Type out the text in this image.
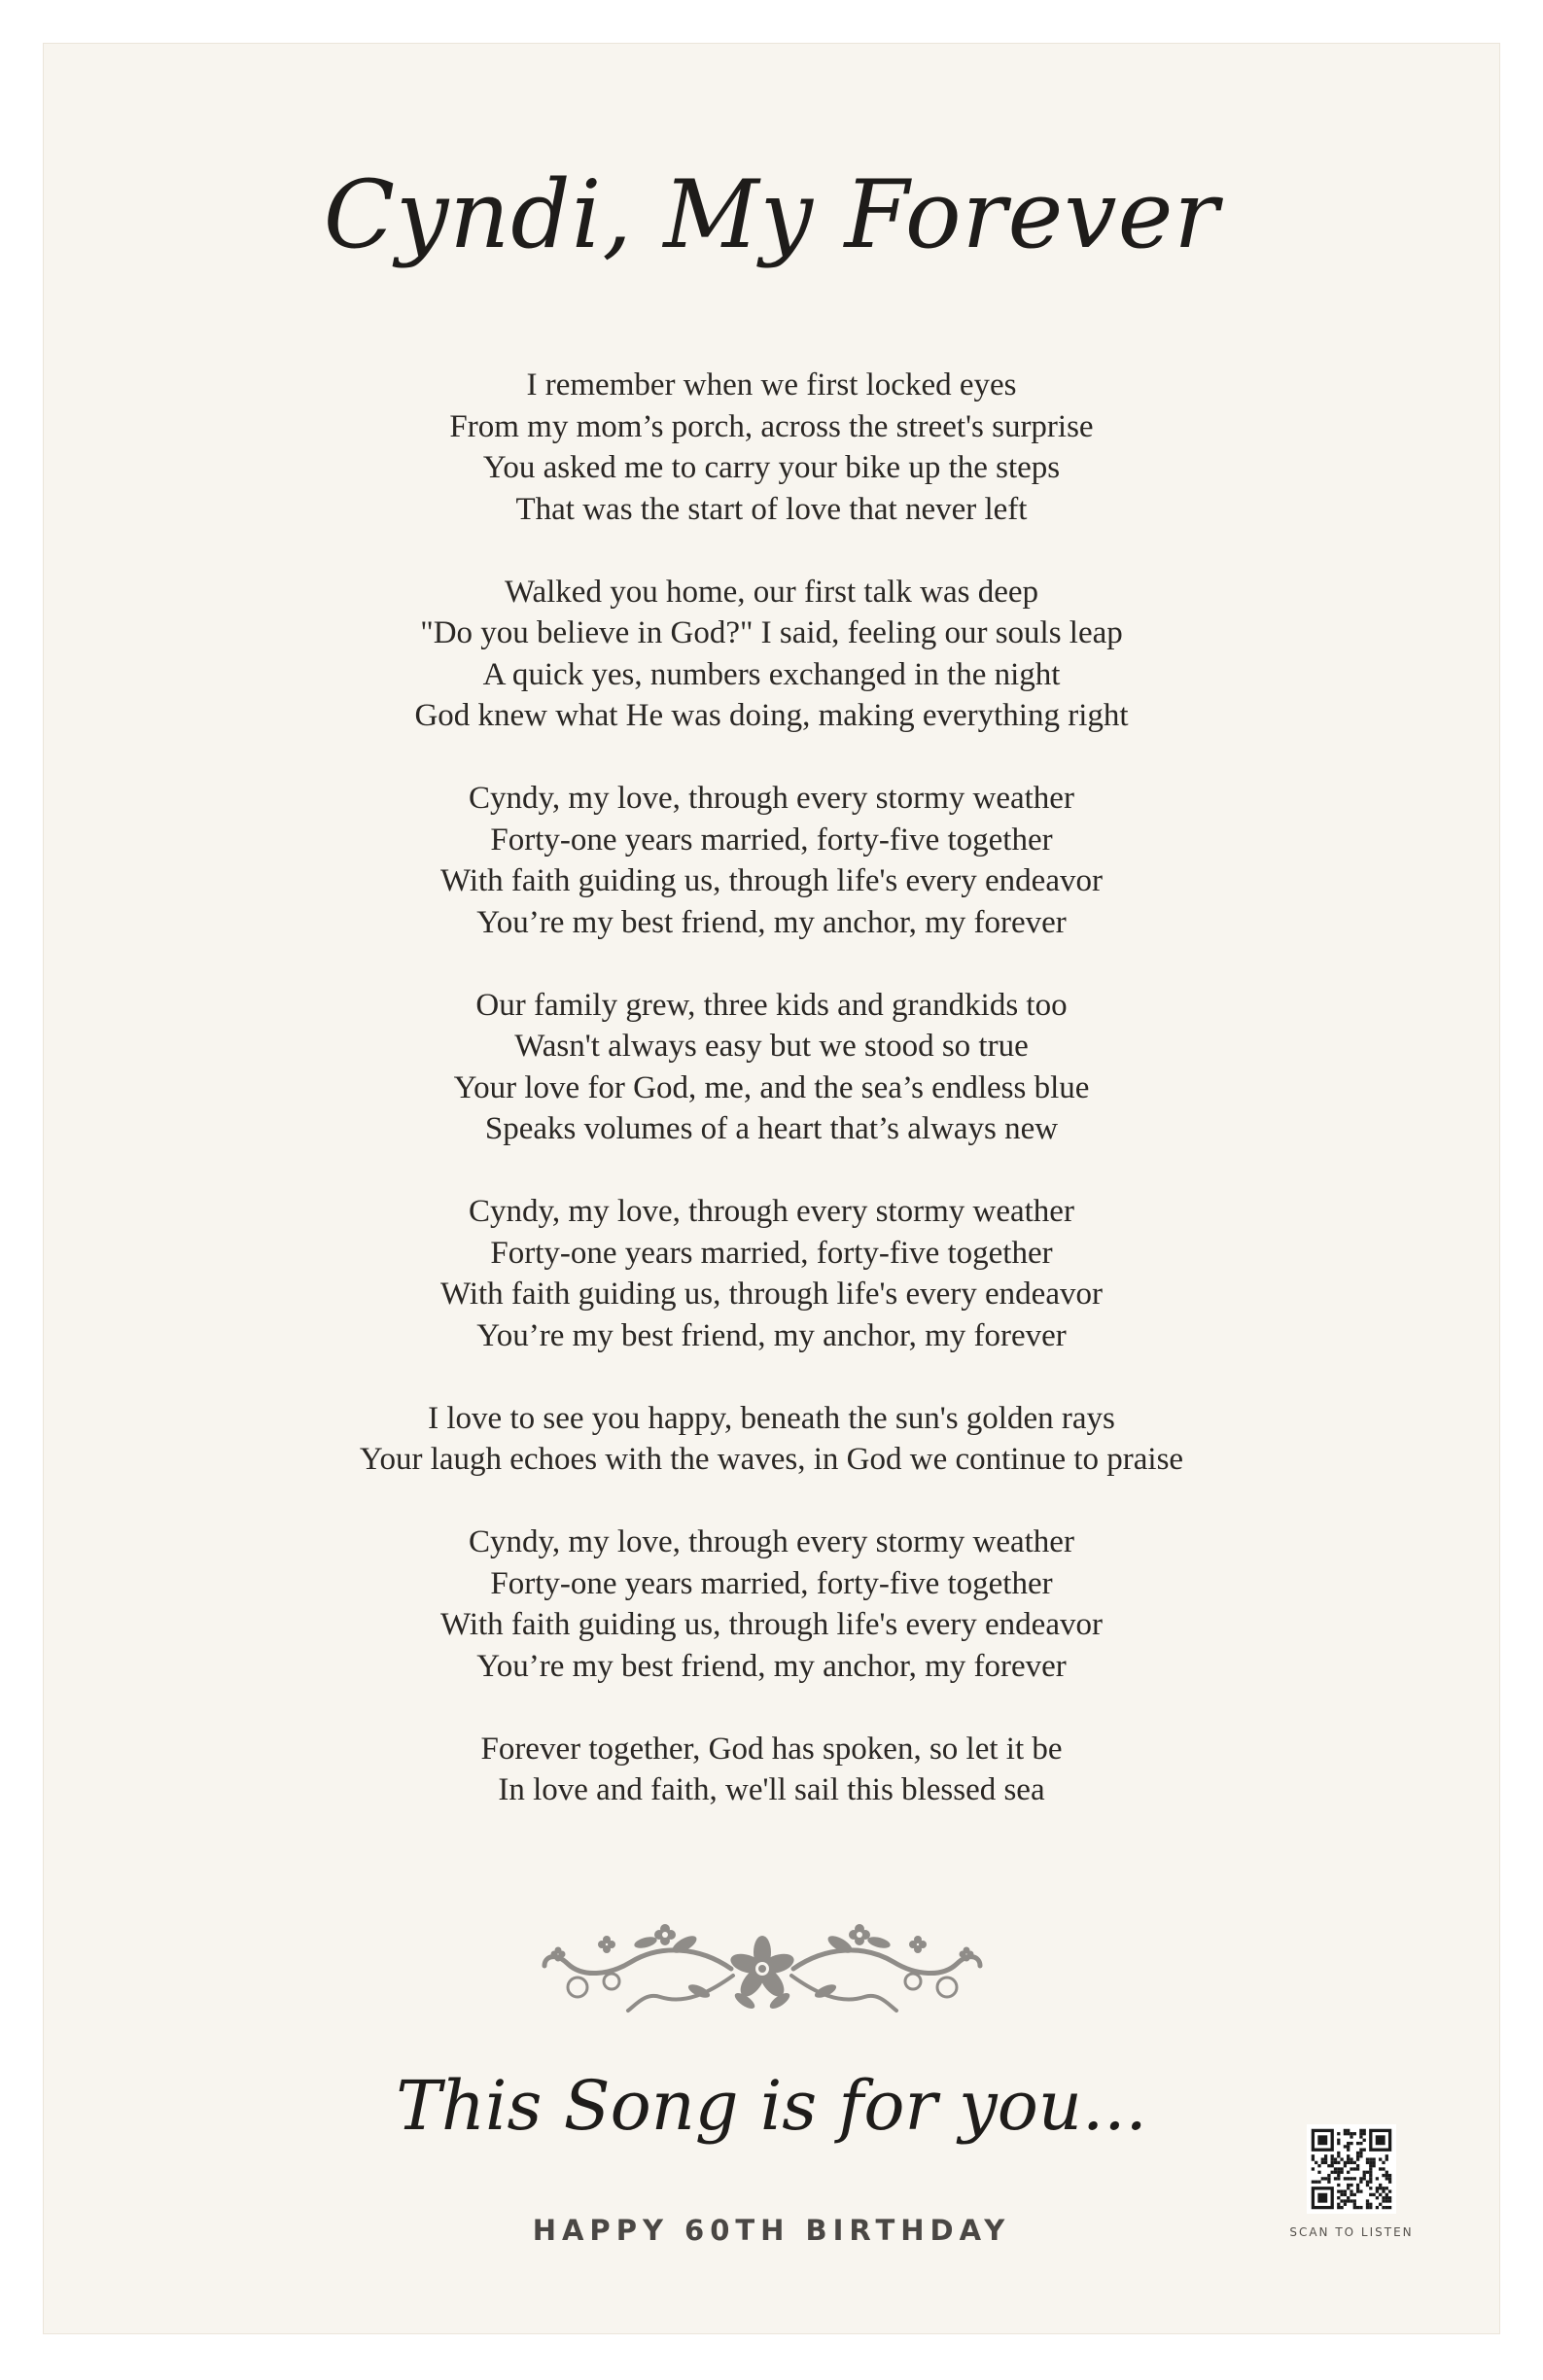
Cyndi, My Forever
I remember when we first locked eyes
From my mom’s porch, across the street's surprise
You asked me to carry your bike up the steps
That was the start of love that never left
Walked you home, our first talk was deep
"Do you believe in God?" I said, feeling our souls leap
A quick yes, numbers exchanged in the night
God knew what He was doing, making everything right
Cyndy, my love, through every stormy weather
Forty-one years married, forty-five together
With faith guiding us, through life's every endeavor
You’re my best friend, my anchor, my forever
Our family grew, three kids and grandkids too
Wasn't always easy but we stood so true
Your love for God, me, and the sea’s endless blue
Speaks volumes of a heart that’s always new
Cyndy, my love, through every stormy weather
Forty-one years married, forty-five together
With faith guiding us, through life's every endeavor
You’re my best friend, my anchor, my forever
I love to see you happy, beneath the sun's golden rays
Your laugh echoes with the waves, in God we continue to praise
Cyndy, my love, through every stormy weather
Forty-one years married, forty-five together
With faith guiding us, through life's every endeavor
You’re my best friend, my anchor, my forever
Forever together, God has spoken, so let it be
In love and faith, we'll sail this blessed sea
This Song is for you...
HAPPY 60TH BIRTHDAY	SCAN TO LISTEN
